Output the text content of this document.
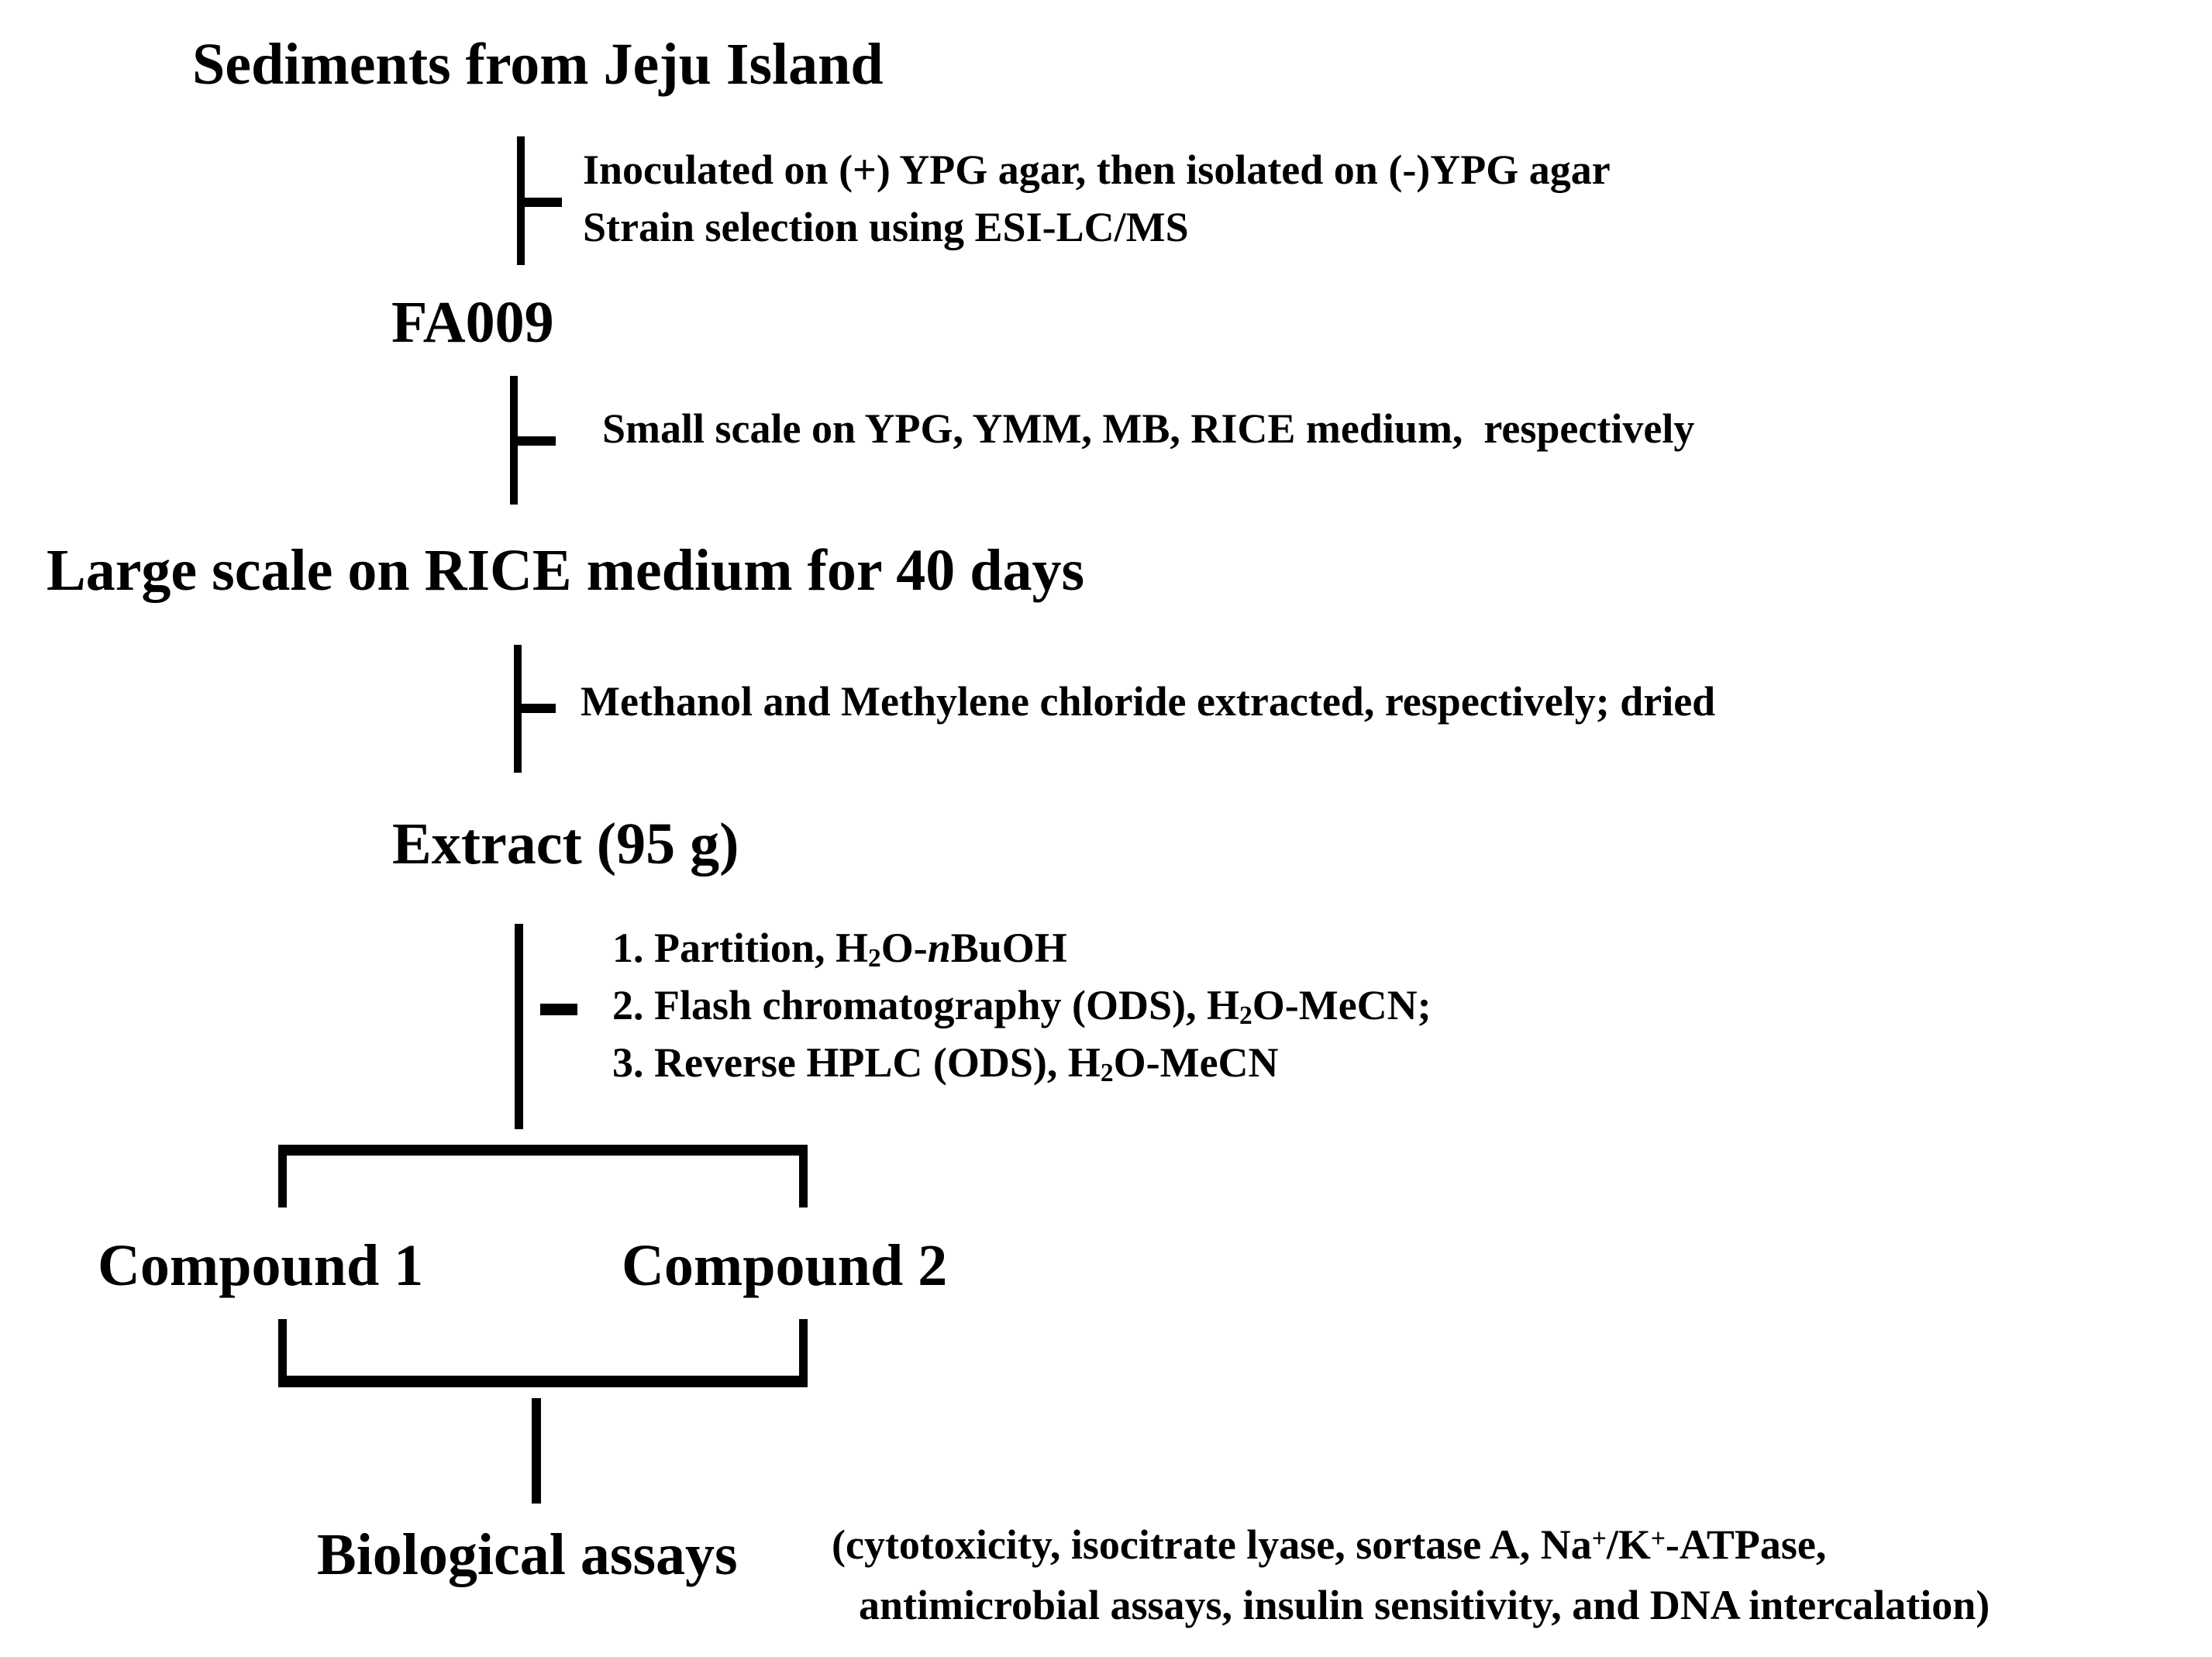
Sediments from Jeju Island
Inoculated on (+) YPG agar, then isolated on (-)YPG agar
Strain selection using ESI-LC/MS
FA009
Small scale on YPG, YMM, MB, RICE medium,  respectively
Large scale on RICE medium for 40 days
Methanol and Methylene chloride extracted, respectively; dried
Extract (95 g)
1. Partition, $H_2O$-nBuOH
2. Flash chromatography (ODS), $H_2O$-MeCN;
3. Reverse HPLC (ODS), $H_2O$-MeCN
Compound 1	Compound 2
Biological assays (cytotoxicity, isocitrate lyase, sortase A, Na+/K+-ATPase,
antimicrobial assays, insulin sensitivity, and DNA intercalation)
